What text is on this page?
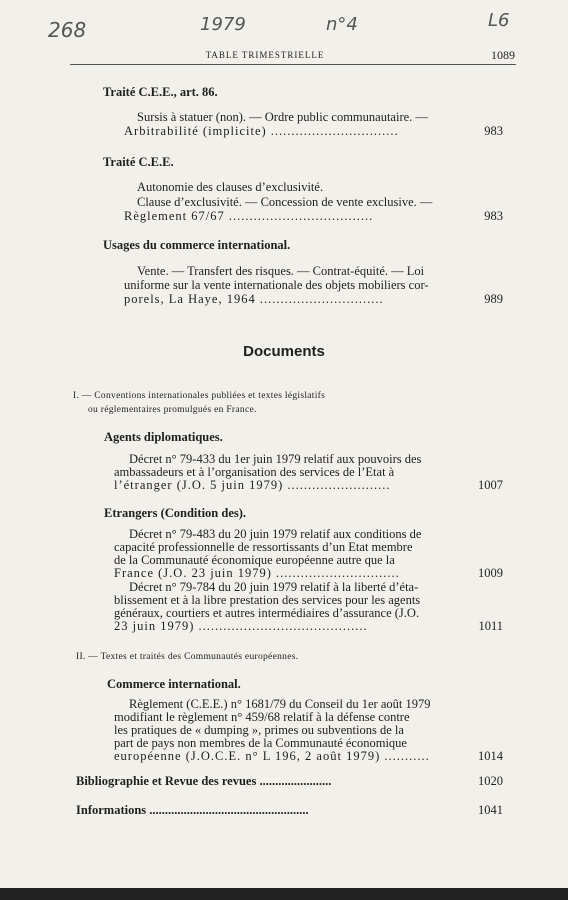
268	1979	n°4	L6
TABLE TRIMESTRIELLE	1089
Traité C.E.E., art. 86.
Sursis à statuer (non). — Ordre public communautaire. —
Arbitrabilité (implicite) ...............................	983
Traité C.E.E.
Autonomie des clauses d’exclusivité.
Clause d’exclusivité. — Concession de vente exclusive. —
Règlement 67/67 ...................................	983
Usages du commerce international.
Vente. — Transfert des risques. — Contrat-équité. — Loi
uniforme sur la vente internationale des objets mobiliers cor-
porels, La Haye, 1964 ..............................	989
Documents
I. — Conventions internationales publiées et textes législatifs
ou réglementaires promulgués en France.
Agents diplomatiques.
Décret n° 79-433 du 1er juin 1979 relatif aux pouvoirs des
ambassadeurs et à l’organisation des services de l’Etat à
l’étranger (J.O. 5 juin 1979) .........................	1007
Etrangers (Condition des).
Décret n° 79-483 du 20 juin 1979 relatif aux conditions de
capacité professionnelle de ressortissants d’un Etat membre
de la Communauté économique européenne autre que la
France (J.O. 23 juin 1979) ..............................	1009
Décret n° 79-784 du 20 juin 1979 relatif à la liberté d’éta-
blissement et à la libre prestation des services pour les agents
généraux, courtiers et autres intermédiaires d’assurance (J.O.
23 juin 1979) .........................................	1011
II. — Textes et traités des Communautés européennes.
Commerce international.
Règlement (C.E.E.) n° 1681/79 du Conseil du 1er août 1979
modifiant le règlement n° 459/68 relatif à la défense contre
les pratiques de « dumping », primes ou subventions de la
part de pays non membres de la Communauté économique
européenne (J.O.C.E. n° L 196, 2 août 1979) ...........	1014
Bibliographie et Revue des revues .......................	1020
Informations ...................................................	1041
